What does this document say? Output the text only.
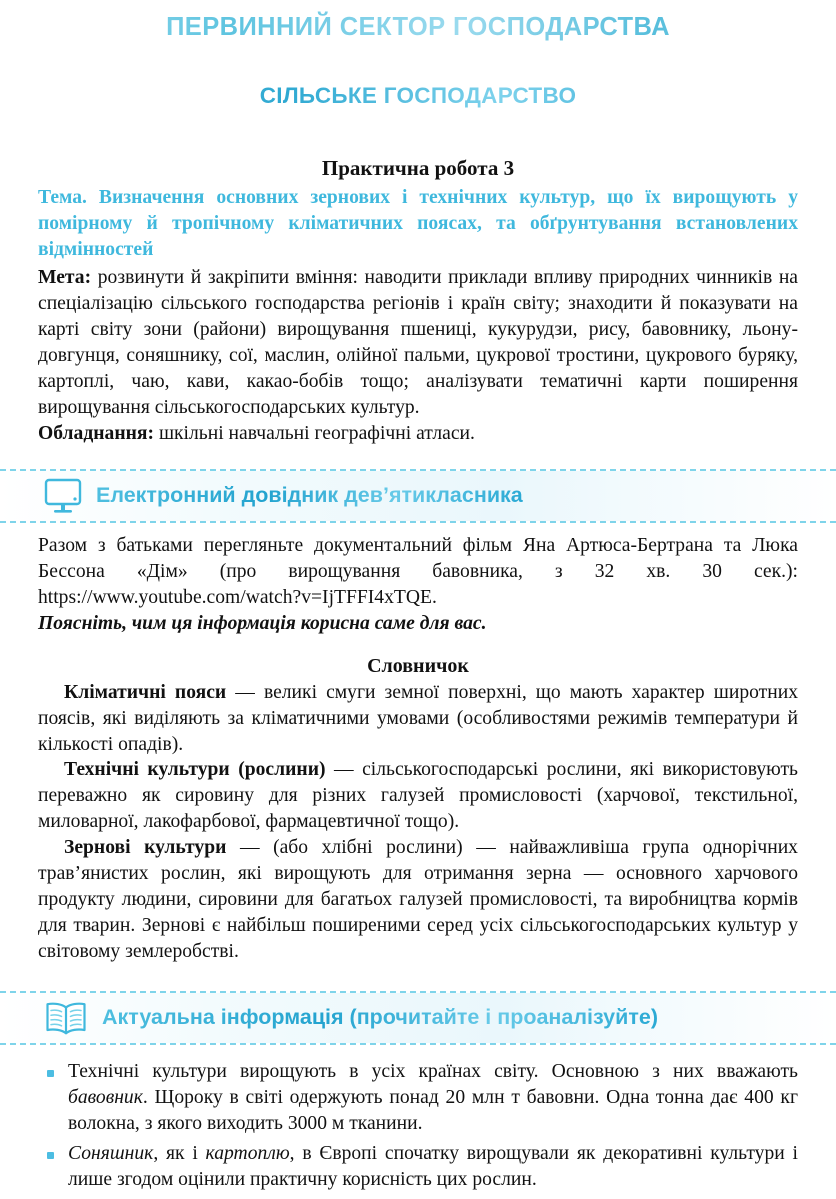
ПЕРВИННИЙ СЕКТОР ГОСПОДАРСТВА
СІЛЬСЬКЕ ГОСПОДАРСТВО
Практична робота 3

Тема. Визначення основних зернових і технічних культур, що їх вирощують у помірному й тропічному кліматичних поясах, та обґрунтування встановлених відмінностей

Мета: розвинути й закріпити вміння: наводити приклади впливу природних чинників на спеціалізацію сільського господарства регіонів і країн світу; знаходити й показувати на карті світу зони (райони) вирощування пшениці, кукурудзи, рису, бавовнику, льону-довгунця, соняшнику, сої, маслин, олійної пальми, цукрової тростини, цукрового буряку, картоплі, чаю, кави, какао-бобів тощо; аналізувати тематичні карти поширення вирощування сільськогосподарських культур.

Обладнання: шкільні навчальні географічні атласи.

Електронний довідник дев’ятикласника

Разом з батьками перегляньте документальний фільм Яна Артюса-Бертрана та Люка Бессона «Дім» (про вирощування бавовника, з 32 хв. 30 сек.): https://www.youtube.com/watch?v=IjTFFI4xTQE.

Поясніть, чим ця інформація корисна саме для вас.

Словничок

Кліматичні пояси — великі смуги земної поверхні, що мають характер широтних поясів, які виділяють за кліматичними умовами (особливостями режимів температури й кількості опадів).

Технічні культури (рослини) — сільськогосподарські рослини, які використовують переважно як сировину для різних галузей промисловості (харчової, текстильної, миловарної, лакофарбової, фармацевтичної тощо).

Зернові культури — (або хлібні рослини) — найважливіша група однорічних трав’янистих рослин, які вирощують для отримання зерна — основного харчового продукту людини, сировини для багатьох галузей промисловості, та виробництва кормів для тварин. Зернові є найбільш поширеними серед усіх сільськогосподарських культур у світовому землеробстві.

Актуальна інформація (прочитайте і проаналізуйте)
Технічні культури вирощують в усіх країнах світу. Основною з них вважають бавовник. Щороку в світі одержують понад 20 млн т бавовни. Одна тонна дає 400 кг волокна, з якого виходить 3000 м тканини.
Соняшник, як і картоплю, в Європі спочатку вирощували як декоративні культури і лише згодом оцінили практичну корисність цих рослин.
